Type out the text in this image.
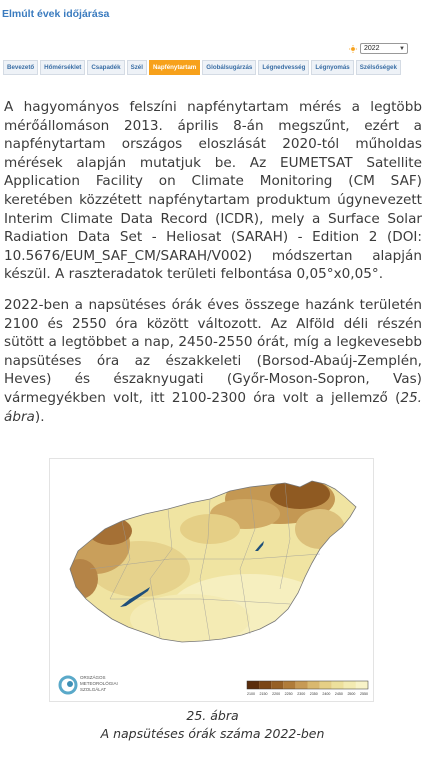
Elmúlt évek időjárása
2022	▼
Bevezető	Hőmérséklet	Csapadék	Szél	Napfénytartam	Globálsugárzás	Légnedvesség	Légnyomás	Szélsőségek

A hagyományos felszíni napfénytartam mérés a legtöbb mérőállomáson 2013. április 8-án megszűnt, ezért a napfénytartam országos eloszlását 2020-tól műholdas mérések alapján mutatjuk be. Az EUMETSAT Satellite Application Facility on Climate Monitoring (CM SAF) keretében közzétett napfénytartam produktum úgynevezett Interim Climate Data Record (ICDR), mely a Surface Solar Radiation Data Set - Heliosat (SARAH) - Edition 2 (DOI: 10.5676/EUM_SAF_CM/SARAH/V002) módszertan alapján készül. A raszteradatok területi felbontása 0,05°x0,05°.

2022-ben a napsütéses órák éves összege hazánk területén 2100 és 2550 óra között változott. Az Alföld déli részén sütött a legtöbbet a nap, 2450-2550 órát, míg a legkevesebb napsütéses óra az északkeleti (Borsod-Abaúj-Zemplén, Heves) és északnyugati (Győr-Moson-Sopron, Vas) vármegyékben volt, itt 2100-2300 óra volt a jellemző (25. ábra).

ORSZÁGOS
METEOROLÓGIAI
SZOLGÁLAT
2100 2150 2200 2250 2300 2350 2400 2450 2500 2550
25. ábra
A napsütéses órák száma 2022-ben
